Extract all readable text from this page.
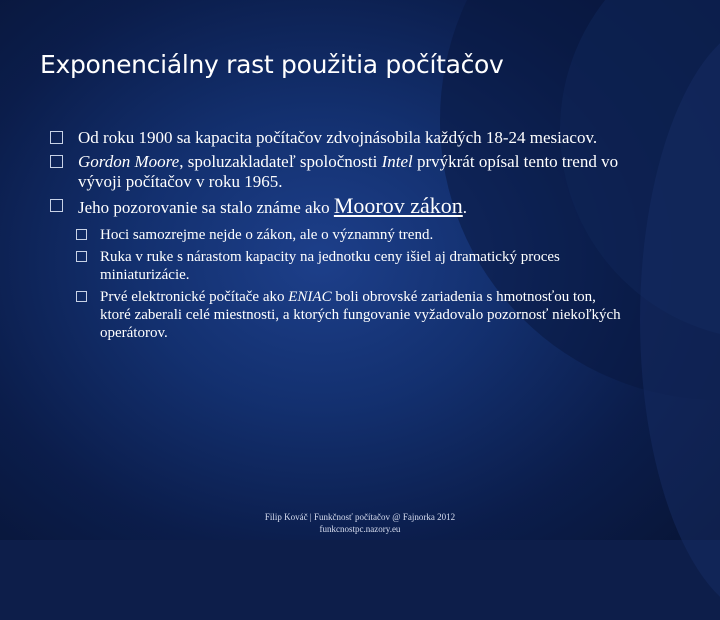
Exponenciálny rast použitia počítačov
Od roku 1900 sa kapacita počítačov zdvojnásobila každých 18-24 mesiacov.
Gordon Moore, spoluzakladateľ spoločnosti Intel prvýkrát opísal tento trend vo vývoji počítačov v roku 1965.
Jeho pozorovanie sa stalo známe ako Moorov zákon.
Hoci samozrejme nejde o zákon, ale o významný trend.
Ruka v ruke s nárastom kapacity na jednotku ceny išiel aj dramatický proces miniaturizácie.
Prvé elektronické počítače ako ENIAC boli obrovské zariadenia s hmotnosťou ton, ktoré zaberali celé miestnosti, a ktorých fungovanie vyžadovalo pozornosť niekoľkých operátorov.
Filip Kováč | Funkčnosť počítačov @ Fajnorka 2012
funkcnostpc.nazory.eu
